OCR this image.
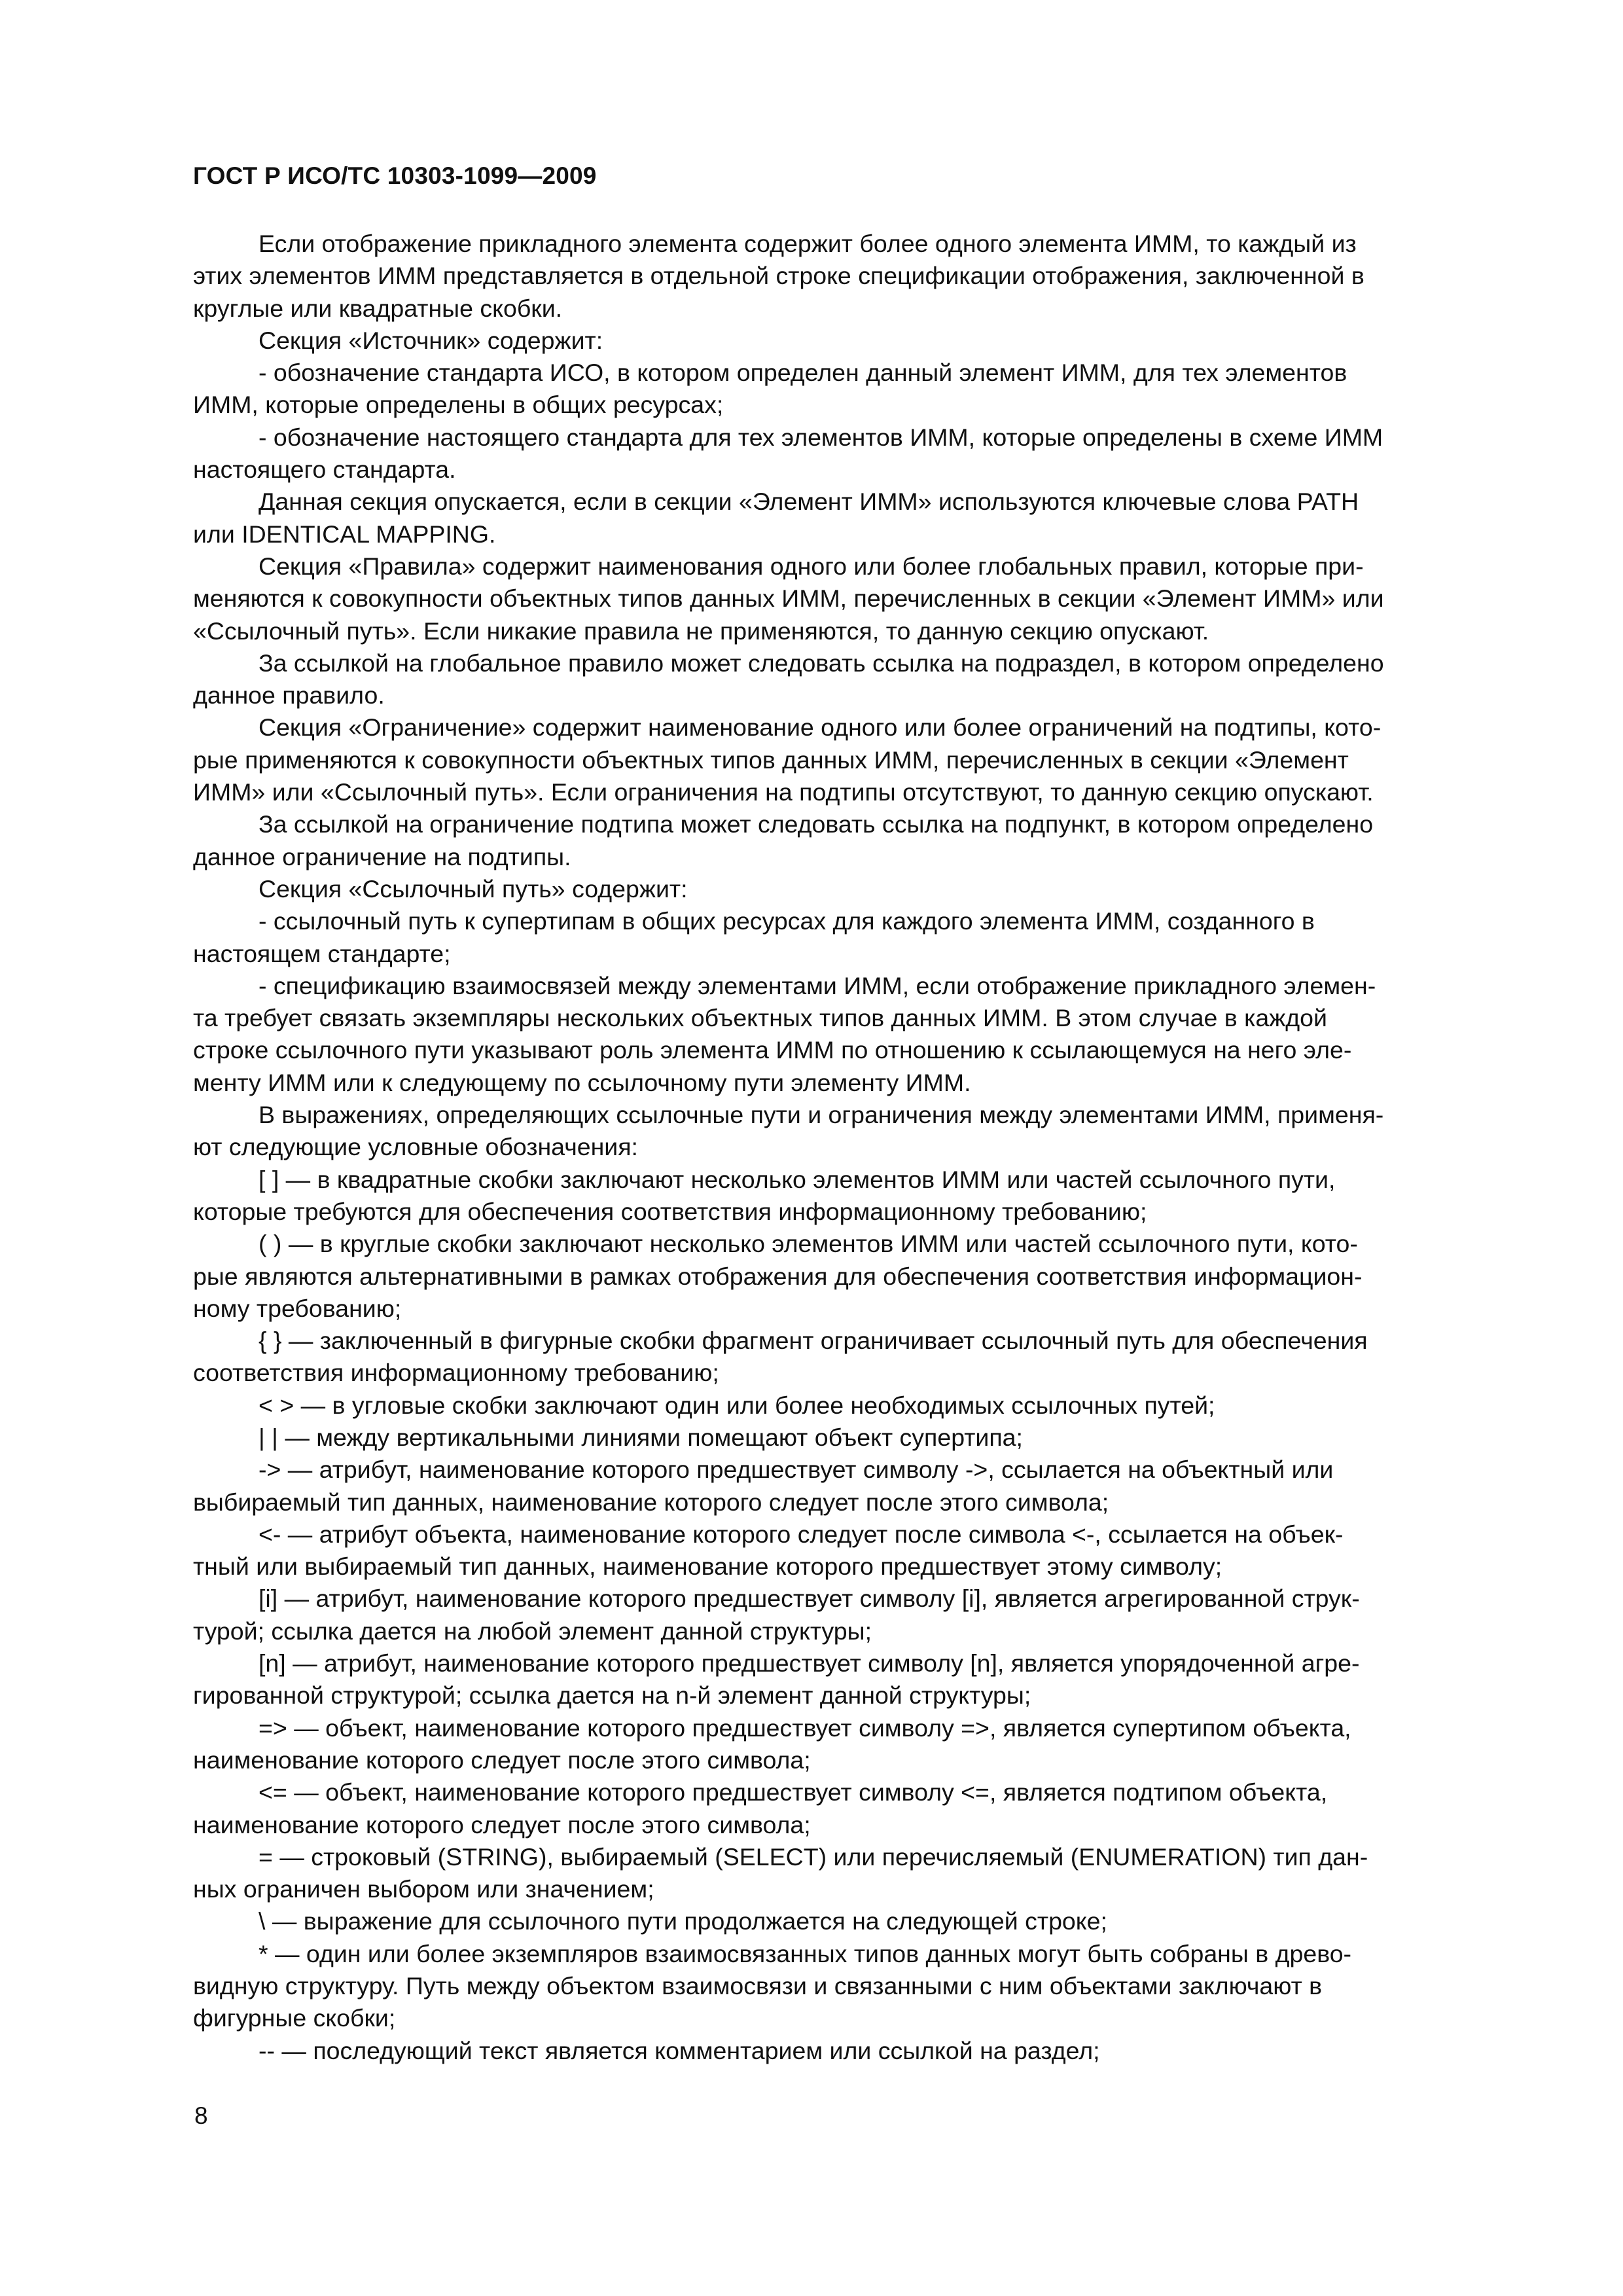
ГОСТ Р ИСО/ТС 10303-1099—2009

Если отображение прикладного элемента содержит более одного элемента ИММ, то каждый из
этих элементов ИММ представляется в отдельной строке спецификации отображения, заключенной в
круглые или квадратные скобки.

Секция «Источник» содержит:

- обозначение стандарта ИСО, в котором определен данный элемент ИММ, для тех элементов
ИММ, которые определены в общих ресурсах;

- обозначение настоящего стандарта для тех элементов ИММ, которые определены в схеме ИММ
настоящего стандарта.

Данная секция опускается, если в секции «Элемент ИММ» используются ключевые слова PATH
или IDENTICAL MAPPING.

Секция «Правила» содержит наименования одного или более глобальных правил, которые при-
меняются к совокупности объектных типов данных ИММ, перечисленных в секции «Элемент ИММ» или
«Ссылочный путь». Если никакие правила не применяются, то данную секцию опускают.

За ссылкой на глобальное правило может следовать ссылка на подраздел, в котором определено
данное правило.

Секция «Ограничение» содержит наименование одного или более ограничений на подтипы, кото-
рые применяются к совокупности объектных типов данных ИММ, перечисленных в секции «Элемент
ИММ» или «Ссылочный путь». Если ограничения на подтипы отсутствуют, то данную секцию опускают.

За ссылкой на ограничение подтипа может следовать ссылка на подпункт, в котором определено
данное ограничение на подтипы.

Секция «Ссылочный путь» содержит:

- ссылочный путь к супертипам в общих ресурсах для каждого элемента ИММ, созданного в
настоящем стандарте;

- спецификацию взаимосвязей между элементами ИММ, если отображение прикладного элемен-
та требует связать экземпляры нескольких объектных типов данных ИММ. В этом случае в каждой
строке ссылочного пути указывают роль элемента ИММ по отношению к ссылающемуся на него эле-
менту ИММ или к следующему по ссылочному пути элементу ИММ.

В выражениях, определяющих ссылочные пути и ограничения между элементами ИММ, применя-
ют следующие условные обозначения:

[ ] — в квадратные скобки заключают несколько элементов ИММ или частей ссылочного пути,
которые требуются для обеспечения соответствия информационному требованию;

( ) — в круглые скобки заключают несколько элементов ИММ или частей ссылочного пути, кото-
рые являются альтернативными в рамках отображения для обеспечения соответствия информацион-
ному требованию;

{ } — заключенный в фигурные скобки фрагмент ограничивает ссылочный путь для обеспечения
соответствия информационному требованию;

< > — в угловые скобки заключают один или более необходимых ссылочных путей;

| | — между вертикальными линиями помещают объект супертипа;

-> — атрибут, наименование которого предшествует символу ->, ссылается на объектный или
выбираемый тип данных, наименование которого следует после этого символа;

<- — атрибут объекта, наименование которого следует после символа <-, ссылается на объек-
тный или выбираемый тип данных, наименование которого предшествует этому символу;

[i] — атрибут, наименование которого предшествует символу [i], является агрегированной струк-
турой; ссылка дается на любой элемент данной структуры;

[n] — атрибут, наименование которого предшествует символу [n], является упорядоченной агре-
гированной структурой; ссылка дается на n-й элемент данной структуры;

=> — объект, наименование которого предшествует символу =>, является супертипом объекта,
наименование которого следует после этого символа;

<= — объект, наименование которого предшествует символу <=, является подтипом объекта,
наименование которого следует после этого символа;

= — строковый (STRING), выбираемый (SELECT) или перечисляемый (ENUMERATION) тип дан-
ных ограничен выбором или значением;

\ — выражение для ссылочного пути продолжается на следующей строке;

* — один или более экземпляров взаимосвязанных типов данных могут быть собраны в древо-
видную структуру. Путь между объектом взаимосвязи и связанными с ним объектами заключают в
фигурные скобки;

-- — последующий текст является комментарием или ссылкой на раздел;

8
